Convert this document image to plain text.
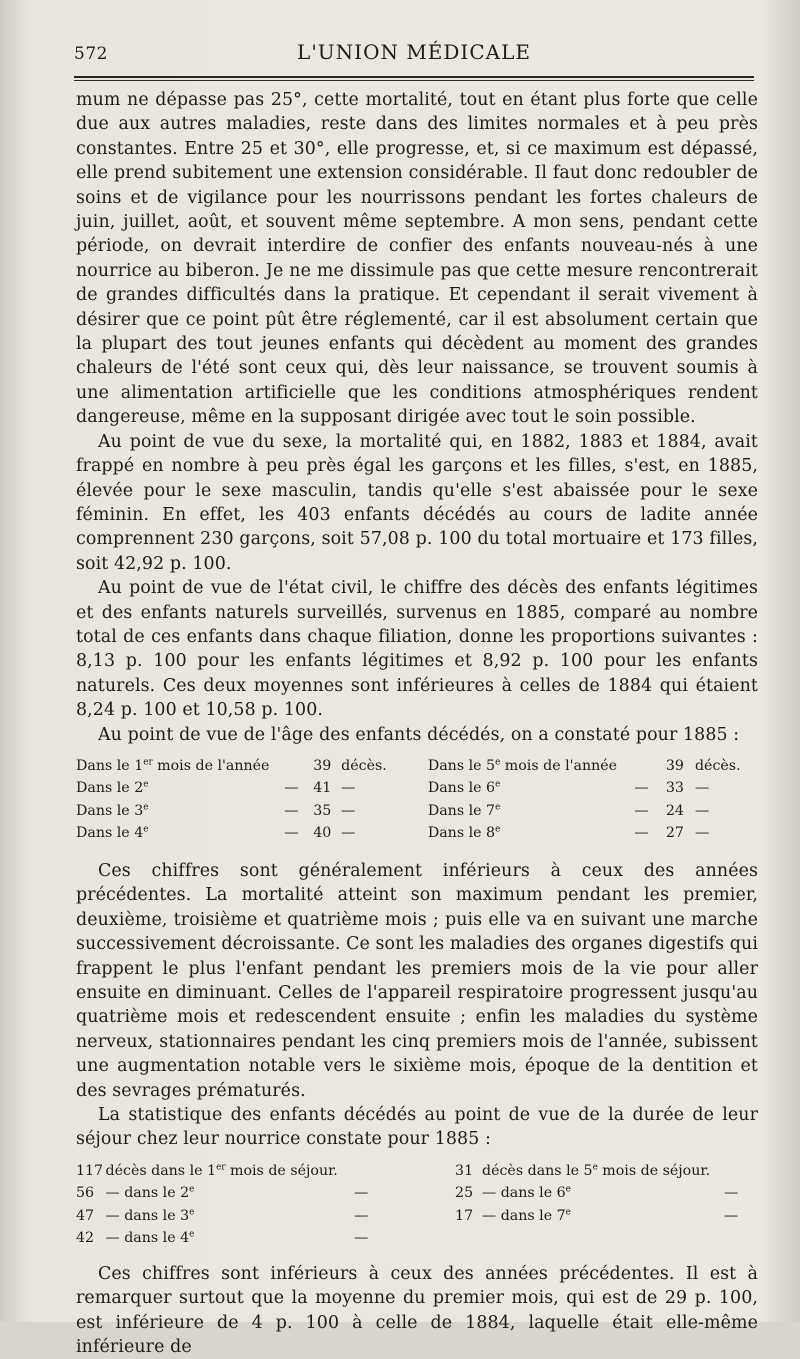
572	L'UNION MÉDICALE

mum ne dépasse pas 25°, cette mortalité, tout en étant plus forte que celle due aux autres maladies, reste dans des limites normales et à peu près constantes. Entre 25 et 30°, elle progresse, et, si ce maximum est dépassé, elle prend subitement une extension considérable. Il faut donc redoubler de soins et de vigilance pour les nourrissons pendant les fortes chaleurs de juin, juillet, août, et souvent même septembre. A mon sens, pendant cette période, on devrait interdire de confier des enfants nouveau-nés à une nourrice au biberon. Je ne me dissimule pas que cette mesure rencontrerait de grandes difficultés dans la pratique. Et cependant il serait vivement à désirer que ce point pût être réglementé, car il est absolument certain que la plupart des tout jeunes enfants qui décèdent au moment des grandes chaleurs de l'été sont ceux qui, dès leur naissance, se trouvent soumis à une alimentation artificielle que les conditions atmosphériques rendent dangereuse, même en la supposant dirigée avec tout le soin possible.

Au point de vue du sexe, la mortalité qui, en 1882, 1883 et 1884, avait frappé en nombre à peu près égal les garçons et les filles, s'est, en 1885, élevée pour le sexe masculin, tandis qu'elle s'est abaissée pour le sexe féminin. En effet, les 403 enfants décédés au cours de ladite année comprennent 230 garçons, soit 57,08 p. 100 du total mortuaire et 173 filles, soit 42,92 p. 100.

Au point de vue de l'état civil, le chiffre des décès des enfants légitimes et des enfants naturels surveillés, survenus en 1885, comparé au nombre total de ces enfants dans chaque filiation, donne les proportions suivantes : 8,13 p. 100 pour les enfants légitimes et 8,92 p. 100 pour les enfants naturels. Ces deux moyennes sont inférieures à celles de 1884 qui étaient 8,24 p. 100 et 10,58 p. 100.

Au point de vue de l'âge des enfants décédés, on a constaté pour 1885 :

Dans le 1er mois de l'année		39	décès.	Dans le 5e mois de l'année		39	décès.
Dans le 2e	—	41	—	Dans le 6e	—	33	—
Dans le 3e	—	35	—	Dans le 7e	—	24	—
Dans le 4e	—	40	—	Dans le 8e	—	27	—

Ces chiffres sont généralement inférieurs à ceux des années précédentes. La mortalité atteint son maximum pendant les premier, deuxième, troisième et quatrième mois ; puis elle va en suivant une marche successivement décroissante. Ce sont les maladies des organes digestifs qui frappent le plus l'enfant pendant les premiers mois de la vie pour aller ensuite en diminuant. Celles de l'appareil respiratoire progressent jusqu'au quatrième mois et redescendent ensuite ; enfin les maladies du système nerveux, stationnaires pendant les cinq premiers mois de l'année, subissent une augmentation notable vers le sixième mois, époque de la dentition et des sevrages prématurés.

La statistique des enfants décédés au point de vue de la durée de leur séjour chez leur nourrice constate pour 1885 :

117	décès dans le 1er mois de séjour.			31	décès dans le 5e mois de séjour.	
56	— dans le 2e	—		25	— dans le 6e	—
47	— dans le 3e	—		17	— dans le 7e	—
42	— dans le 4e	—				

Ces chiffres sont inférieurs à ceux des années précédentes. Il est à remarquer surtout que la moyenne du premier mois, qui est de 29 p. 100, est inférieure de 4 p. 100 à celle de 1884, laquelle était elle-même inférieure de
